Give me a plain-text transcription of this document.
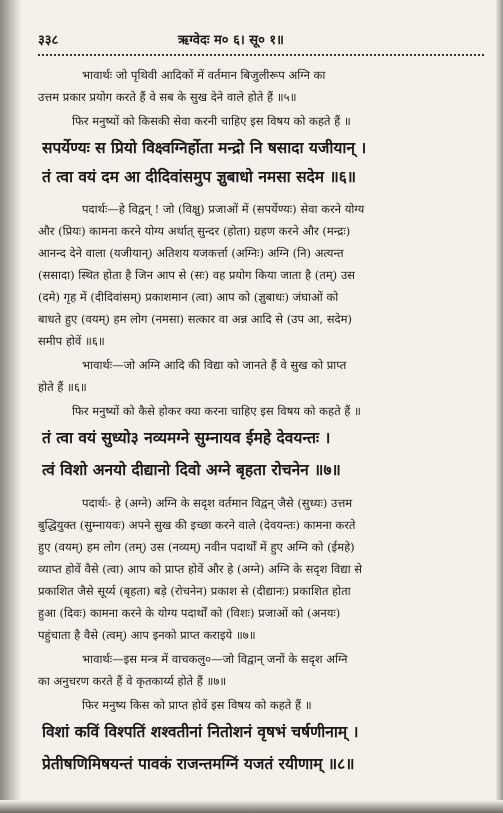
३३८	ऋग्वेदः म० ६। सू० १॥
भावार्थः जो पृथिवी आदिकों में वर्तमान बिजुलीरूप अग्नि का
उत्तम प्रकार प्रयोग करते हैं वे सब के सुख देने वाले होते हैं ॥५॥
फिर मनुष्यों को किसकी सेवा करनी चाहिए इस विषय को कहते हैं ॥
सपर्येण्यः स प्रियो विक्ष्वग्निर्होता मन्द्रो नि षसादा यजीयान् ।
तं त्वा वयं दम आ दीदिवांसमुप ज्ञुबाधो नमसा सदेम ॥६॥
पदार्थः—हे विद्वन् ! जो (विक्षु) प्रजाओं में (सपर्येण्यः) सेवा करने योग्य
और (प्रियः) कामना करने योग्य अर्थात् सुन्दर (होता) ग्रहण करने और (मन्द्रः)
आनन्द देने वाला (यजीयान्) अतिशय यजकर्त्ता (अग्निः) अग्नि (नि) अत्यन्त
(ससादा) स्थित होता है जिन आप से (सः) वह प्रयोग किया जाता है (तम्) उस
(दमे) गृह में (दीदिवांसम्) प्रकाशमान (त्वा) आप को (ज्ञुबाधः) जंघाओं को
बाधते हुए (वयम्) हम लोग (नमसा) सत्कार वा अन्न आदि से (उप आ, सदेम)
समीप होवें ॥६॥
भावार्थः—जो अग्नि आदि की विद्या को जानते हैं वे सुख को प्राप्त
होते हैं ॥६॥
फिर मनुष्यों को कैसे होकर क्या करना चाहिए इस विषय को कहते हैं ॥
तं त्वा वयं सुध्यो३ नव्यमग्ने सुम्नायव ईमहे देवयन्तः ।
त्वं विशो अनयो दीद्यानो दिवो अग्ने बृहता रोचनेन ॥७॥
पदार्थः- हे (अग्ने) अग्नि के सदृश वर्तमान विद्वन् जैसे (सुध्यः) उत्तम
बुद्धियुक्त (सुम्नायवः) अपने सुख की इच्छा करने वाले (देवयन्तः) कामना करते
हुए (वयम्) हम लोग (तम्) उस (नव्यम्) नवीन पदार्थों में हुए अग्नि को (ईमहे)
व्याप्त होवें वैसे (त्वा) आप को प्राप्त होवें और हे (अग्ने) अग्नि के सदृश विद्या से
प्रकाशित जैसे सूर्य्य (बृहता) बड़े (रोचनेन) प्रकाश से (दीद्यानः) प्रकाशित होता
हुआ (दिवः) कामना करने के योग्य पदार्थों को (विशः) प्रजाओं को (अनयः)
पहुंचाता है वैसे (त्वम्) आप इनको प्राप्त कराइये ॥७॥
भावार्थः—इस मन्त्र में वाचकलु०—जो विद्वान् जनों के सदृश अग्नि
का अनुचरण करते हैं वे कृतकार्य्य होते हैं ॥७॥
फिर मनुष्य किस को प्राप्त होवें इस विषय को कहते हैं ॥
विशां कविं विश्पतिं शश्वतीनां नितोशनं वृषभं चर्षणीनाम् ।
प्रेतीषणिमिषयन्तं पावकं राजन्तमग्निं यजतं रयीणाम् ॥८॥
